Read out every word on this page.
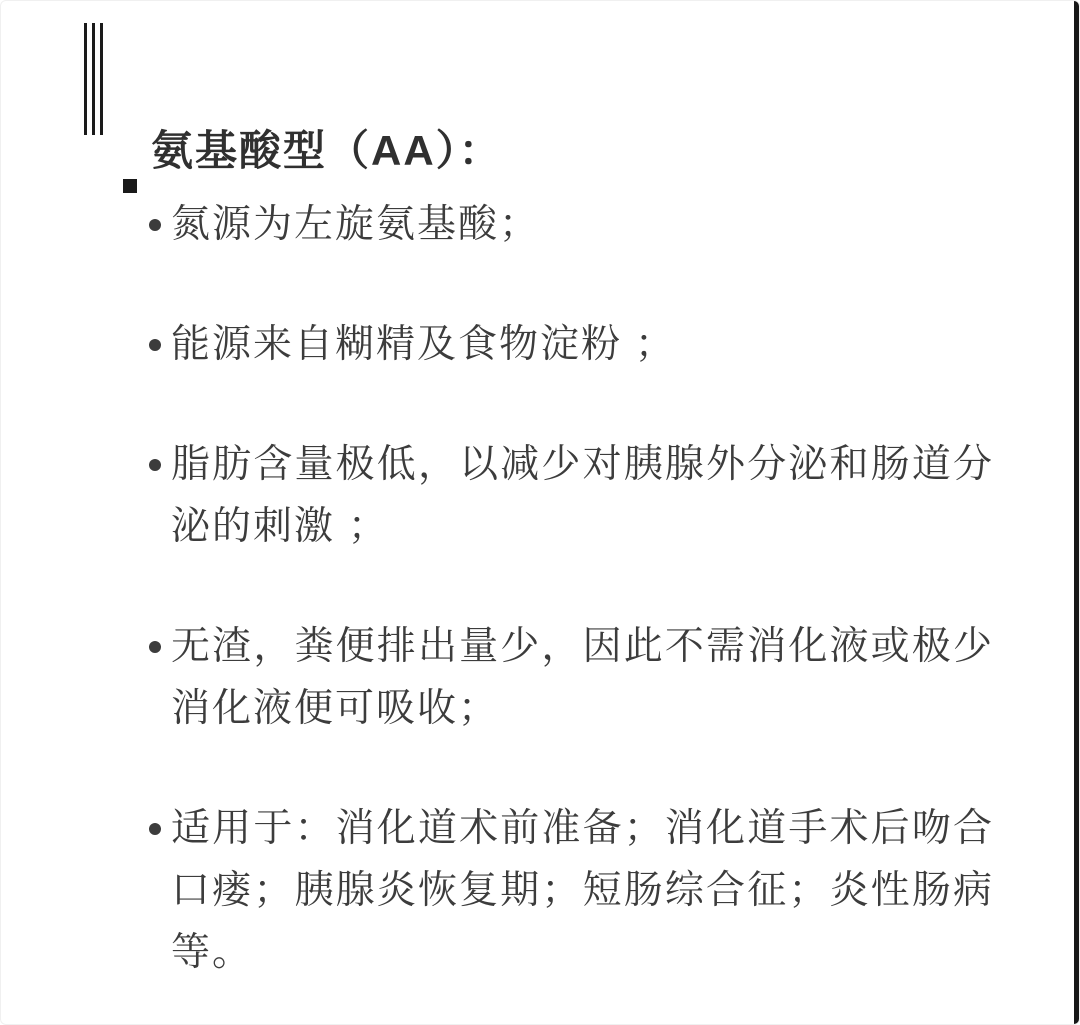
氨基酸型（AA）：
氮源为左旋氨基酸；
能源来自糊精及食物淀粉 ；
脂肪含量极低，以减少对胰腺外分泌和肠道分泌的刺激 ；
无渣，粪便排出量少，因此不需消化液或极少消化液便可吸收；
适用于：消化道术前准备；消化道手术后吻合口瘘；胰腺炎恢复期；短肠综合征；炎性肠病等。
